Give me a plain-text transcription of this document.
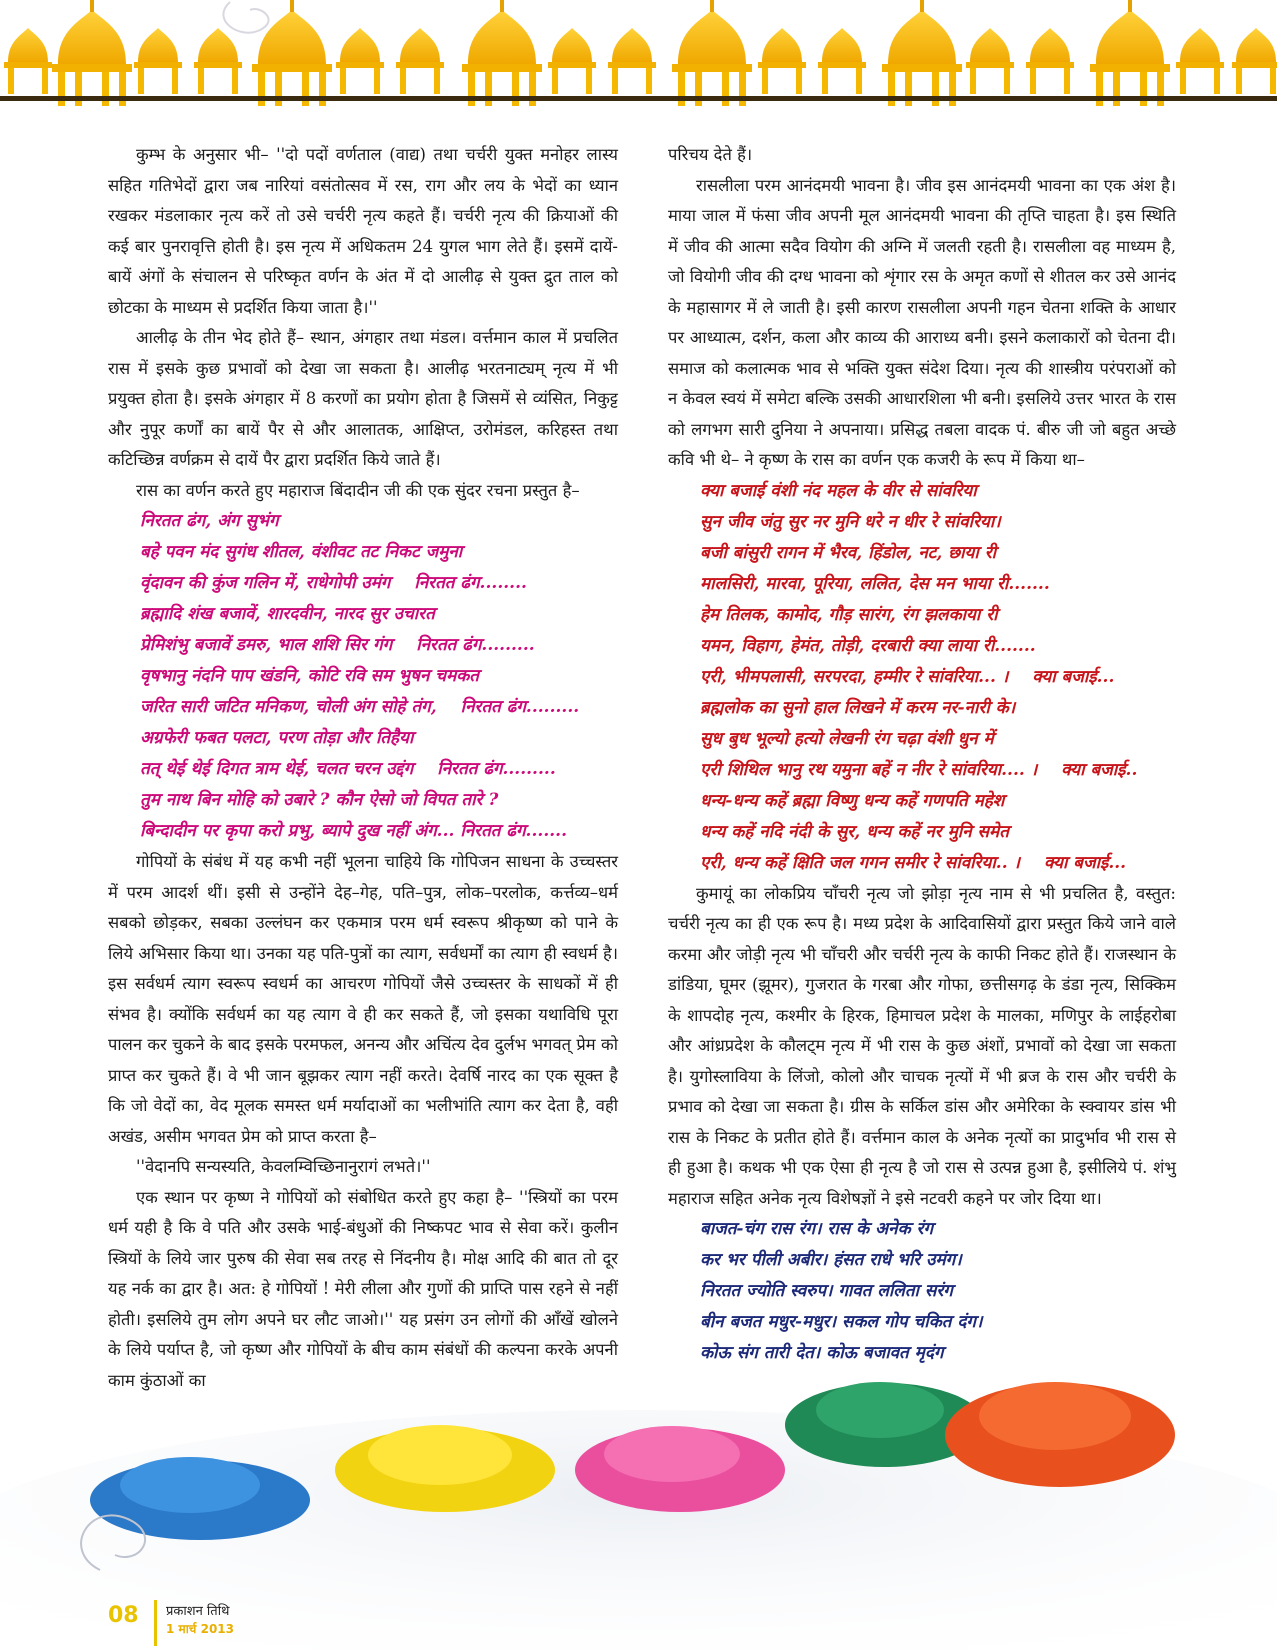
कुम्भ के अनुसार भी– ''दो पदों वर्णताल (वाद्य) तथा चर्चरी युक्त मनोहर लास्य सहित गतिभेदों द्वारा जब नारियां वसंतोत्सव में रस, राग और लय के भेदों का ध्यान रखकर मंडलाकार नृत्य करें तो उसे चर्चरी नृत्य कहते हैं। चर्चरी नृत्य की क्रियाओं की कई बार पुनरावृत्ति होती है। इस नृत्य में अधिकतम 24 युगल भाग लेते हैं। इसमें दायें-बायें अंगों के संचालन से परिष्कृत वर्णन के अंत में दो आलीढ़ से युक्त द्रुत ताल को छोटका के माध्यम से प्रदर्शित किया जाता है।''

आलीढ़ के तीन भेद होते हैं– स्थान, अंगहार तथा मंडल। वर्त्तमान काल में प्रचलित रास में इसके कुछ प्रभावों को देखा जा सकता है। आलीढ़ भरतनाट्यम् नृत्य में भी प्रयुक्त होता है। इसके अंगहार में 8 करणों का प्रयोग होता है जिसमें से व्यंसित, निकुट्ट और नुपूर कर्णों का बायें पैर से और आलातक, आक्षिप्त, उरोमंडल, करिहस्त तथा कटिच्छिन्न वर्णक्रम से दायें पैर द्वारा प्रदर्शित किये जाते हैं।

रास का वर्णन करते हुए महाराज बिंदादीन जी की एक सुंदर रचना प्रस्तुत है–

निरतत ढंग, अंग सुभंग
बहे पवन मंद सुगंध शीतल, वंशीवट तट निकट जमुना
वृंदावन की कुंज गलिन में, राधेगोपी उमंग निरतत ढंग........
ब्रह्मादि शंख बजावें, शारदवीन, नारद सुर उचारत
प्रेमिशंभु बजावें डमरु, भाल शशि सिर गंग निरतत ढंग.........
वृषभानु नंदनि पाप खंडनि, कोटि रवि सम भुषन चमकत
जरित सारी जटित मनिकण, चोली अंग सोहे तंग, निरतत ढंग.........
अग्रफेरी फबत पलटा, परण तोड़ा और तिहैया
तत् थेई थेई दिगत त्राम थेई, चलत चरन उद्दंग निरतत ढंग.........
तुम नाथ बिन मोहि को उबारे ? कौन ऐसो जो विपत तारे ?
बिन्दादीन पर कृपा करो प्रभु, ब्यापे दुख नहीं अंग... निरतत ढंग.......

गोपियों के संबंध में यह कभी नहीं भूलना चाहिये कि गोपिजन साधना के उच्चस्तर में परम आदर्श थीं। इसी से उन्होंने देह–गेह, पति–पुत्र, लोक–परलोक, कर्त्तव्य–धर्म सबको छोड़कर, सबका उल्लंघन कर एकमात्र परम धर्म स्वरूप श्रीकृष्ण को पाने के लिये अभिसार किया था। उनका यह पति-पुत्रों का त्याग, सर्वधर्मों का त्याग ही स्वधर्म है। इस सर्वधर्म त्याग स्वरूप स्वधर्म का आचरण गोपियों जैसे उच्चस्तर के साधकों में ही संभव है। क्योंकि सर्वधर्म का यह त्याग वे ही कर सकते हैं, जो इसका यथाविधि पूरा पालन कर चुकने के बाद इसके परमफल, अनन्य और अचिंत्य देव दुर्लभ भगवत् प्रेम को प्राप्त कर चुकते हैं। वे भी जान बूझकर त्याग नहीं करते। देवर्षि नारद का एक सूक्त है कि जो वेदों का, वेद मूलक समस्त धर्म मर्यादाओं का भलीभांति त्याग कर देता है, वही अखंड, असीम भगवत प्रेम को प्राप्त करता है–

''वेदानपि सन्यस्यति, केवलम्विच्छिनानुरागं लभते।''

एक स्थान पर कृष्ण ने गोपियों को संबोधित करते हुए कहा है– ''स्त्रियों का परम धर्म यही है कि वे पति और उसके भाई-बंधुओं की निष्कपट भाव से सेवा करें। कुलीन स्त्रियों के लिये जार पुरुष की सेवा सब तरह से निंदनीय है। मोक्ष आदि की बात तो दूर यह नर्क का द्वार है। अत: हे गोपियों ! मेरी लीला और गुणों की प्राप्ति पास रहने से नहीं होती। इसलिये तुम लोग अपने घर लौट जाओ।'' यह प्रसंग उन लोगों की आँखें खोलने के लिये पर्याप्त है, जो कृष्ण और गोपियों के बीच काम संबंधों की कल्पना करके अपनी काम कुंठाओं का

परिचय देते हैं।

रासलीला परम आनंदमयी भावना है। जीव इस आनंदमयी भावना का एक अंश है। माया जाल में फंसा जीव अपनी मूल आनंदमयी भावना की तृप्ति चाहता है। इस स्थिति में जीव की आत्मा सदैव वियोग की अग्नि में जलती रहती है। रासलीला वह माध्यम है, जो वियोगी जीव की दग्ध भावना को शृंगार रस के अमृत कणों से शीतल कर उसे आनंद के महासागर में ले जाती है। इसी कारण रासलीला अपनी गहन चेतना शक्ति के आधार पर आध्यात्म, दर्शन, कला और काव्य की आराध्य बनी। इसने कलाकारों को चेतना दी। समाज को कलात्मक भाव से भक्ति युक्त संदेश दिया। नृत्य की शास्त्रीय परंपराओं को न केवल स्वयं में समेटा बल्कि उसकी आधारशिला भी बनी। इसलिये उत्तर भारत के रास को लगभग सारी दुनिया ने अपनाया। प्रसिद्ध तबला वादक पं. बीरु जी जो बहुत अच्छे कवि भी थे– ने कृष्ण के रास का वर्णन एक कजरी के रूप में किया था–

क्या बजाई वंशी नंद महल के वीर से सांवरिया
सुन जीव जंतु सुर नर मुनि धरे न धीर रे सांवरिया।
बजी बांसुरी रागन में भैरव, हिंडोल, नट, छाया री
मालसिरी, मारवा, पूरिया, ललित, देस मन भाया री.......
हेम तिलक, कामोद, गौड़ सारंग, रंग झलकाया री
यमन, विहाग, हेमंत, तोड़ी, दरबारी क्या लाया री.......
एरी, भीमपलासी, सरपरदा, हम्मीर रे सांवरिया... । क्या बजाई...
ब्रह्मलोक का सुनो हाल लिखने में करम नर-नारी के।
सुध बुध भूल्यो हत्यो लेखनी रंग चढ़ा वंशी धुन में
एरी शिथिल भानु रथ यमुना बहें न नीर रे सांवरिया.... । क्या बजाई..
धन्य-धन्य कहें ब्रह्मा विष्णु धन्य कहें गणपति महेश
धन्य कहें नदि नंदी के सुर, धन्य कहें नर मुनि समेत
एरी, धन्य कहें क्षिति जल गगन समीर रे सांवरिया.. । क्या बजाई...

कुमायूं का लोकप्रिय चाँचरी नृत्य जो झोड़ा नृत्य नाम से भी प्रचलित है, वस्तुत: चर्चरी नृत्य का ही एक रूप है। मध्य प्रदेश के आदिवासियों द्वारा प्रस्तुत किये जाने वाले करमा और जोड़ी नृत्य भी चाँचरी और चर्चरी नृत्य के काफी निकट होते हैं। राजस्थान के डांडिया, घूमर (झूमर), गुजरात के गरबा और गोफा, छत्तीसगढ़ के डंडा नृत्य, सिक्किम के शापदोह नृत्य, कश्मीर के हिरक, हिमाचल प्रदेश के मालका, मणिपुर के लाईहरोबा और आंध्रप्रदेश के कौलट्म नृत्य में भी रास के कुछ अंशों, प्रभावों को देखा जा सकता है। युगोस्लाविया के लिंजो, कोलो और चाचक नृत्यों में भी ब्रज के रास और चर्चरी के प्रभाव को देखा जा सकता है। ग्रीस के सर्किल डांस और अमेरिका के स्क्वायर डांस भी रास के निकट के प्रतीत होते हैं। वर्त्तमान काल के अनेक नृत्यों का प्रादुर्भाव भी रास से ही हुआ है। कथक भी एक ऐसा ही नृत्य है जो रास से उत्पन्न हुआ है, इसीलिये पं. शंभु महाराज सहित अनेक नृत्य विशेषज्ञों ने इसे नटवरी कहने पर जोर दिया था।

बाजत-चंग रास रंग। रास के अनेक रंग
कर भर पीली अबीर। हंसत राधे भरि उमंग।
निरतत ज्योति स्वरुप। गावत ललिता सरंग
बीन बजत मधुर-मधुर। सकल गोप चकित दंग।
कोऊ संग तारी देत। कोऊ बजावत मृदंग
08 प्रकाशन तिथि
1 मार्च 2013
